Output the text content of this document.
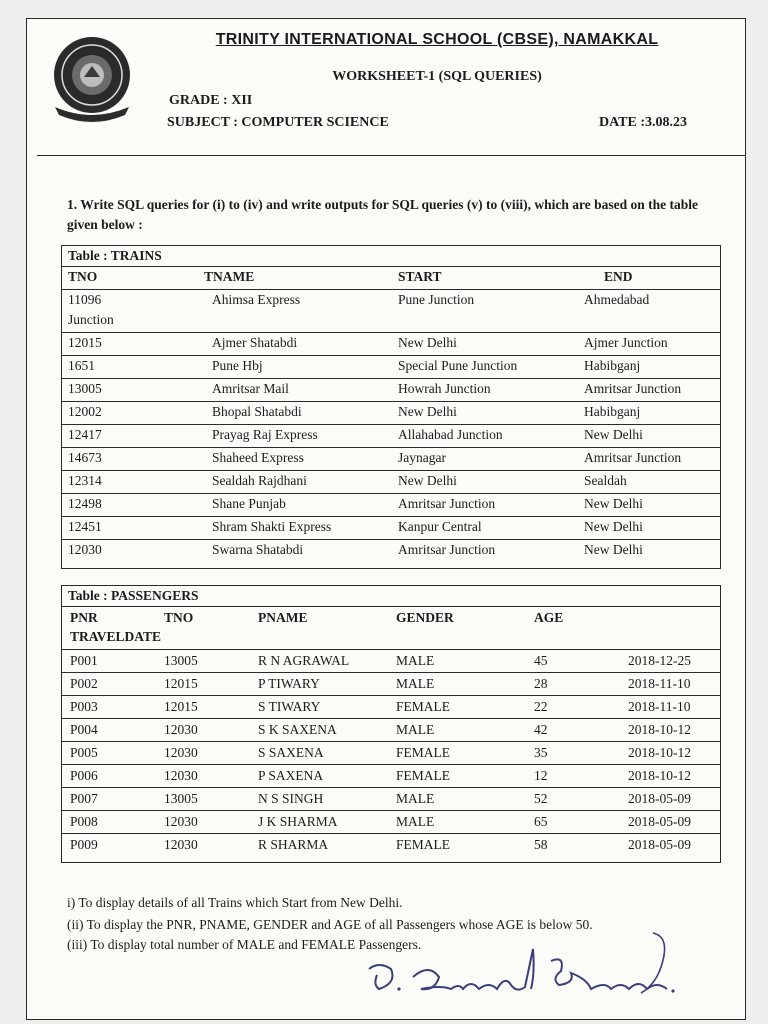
TRINITY INTERNATIONAL SCHOOL (CBSE), NAMAKKAL
WORKSHEET-1 (SQL QUERIES)
GRADE : XII
SUBJECT : COMPUTER SCIENCE	DATE :3.08.23
1. Write SQL queries for (i) to (iv) and write outputs for SQL queries (v) to (viii), which are based on the table given below :
Table : TRAINS
TNO	TNAME	START	END
11096	Ahimsa Express	Pune Junction	Ahmedabad
Junction
12015	Ajmer Shatabdi	New Delhi	Ajmer Junction
1651	Pune Hbj	Special Pune Junction	Habibganj
13005	Amritsar Mail	Howrah Junction	Amritsar Junction
12002	Bhopal Shatabdi	New Delhi	Habibganj
12417	Prayag Raj Express	Allahabad Junction	New Delhi
14673	Shaheed Express	Jaynagar	Amritsar Junction
12314	Sealdah Rajdhani	New Delhi	Sealdah
12498	Shane Punjab	Amritsar Junction	New Delhi
12451	Shram Shakti Express	Kanpur Central	New Delhi
12030	Swarna Shatabdi	Amritsar Junction	New Delhi
Table : PASSENGERS
PNR	TNO	PNAME	GENDER	AGE
TRAVELDATE
P001	13005	R N AGRAWAL	MALE	45	2018-12-25
P002	12015	P TIWARY	MALE	28	2018-11-10
P003	12015	S TIWARY	FEMALE	22	2018-11-10
P004	12030	S K SAXENA	MALE	42	2018-10-12
P005	12030	S SAXENA	FEMALE	35	2018-10-12
P006	12030	P SAXENA	FEMALE	12	2018-10-12
P007	13005	N S SINGH	MALE	52	2018-05-09
P008	12030	J K SHARMA	MALE	65	2018-05-09
P009	12030	R SHARMA	FEMALE	58	2018-05-09
i) To display details of all Trains which Start from New Delhi.
(ii) To display the PNR, PNAME, GENDER and AGE of all Passengers whose AGE is below 50.
(iii) To display total number of MALE and FEMALE Passengers.
